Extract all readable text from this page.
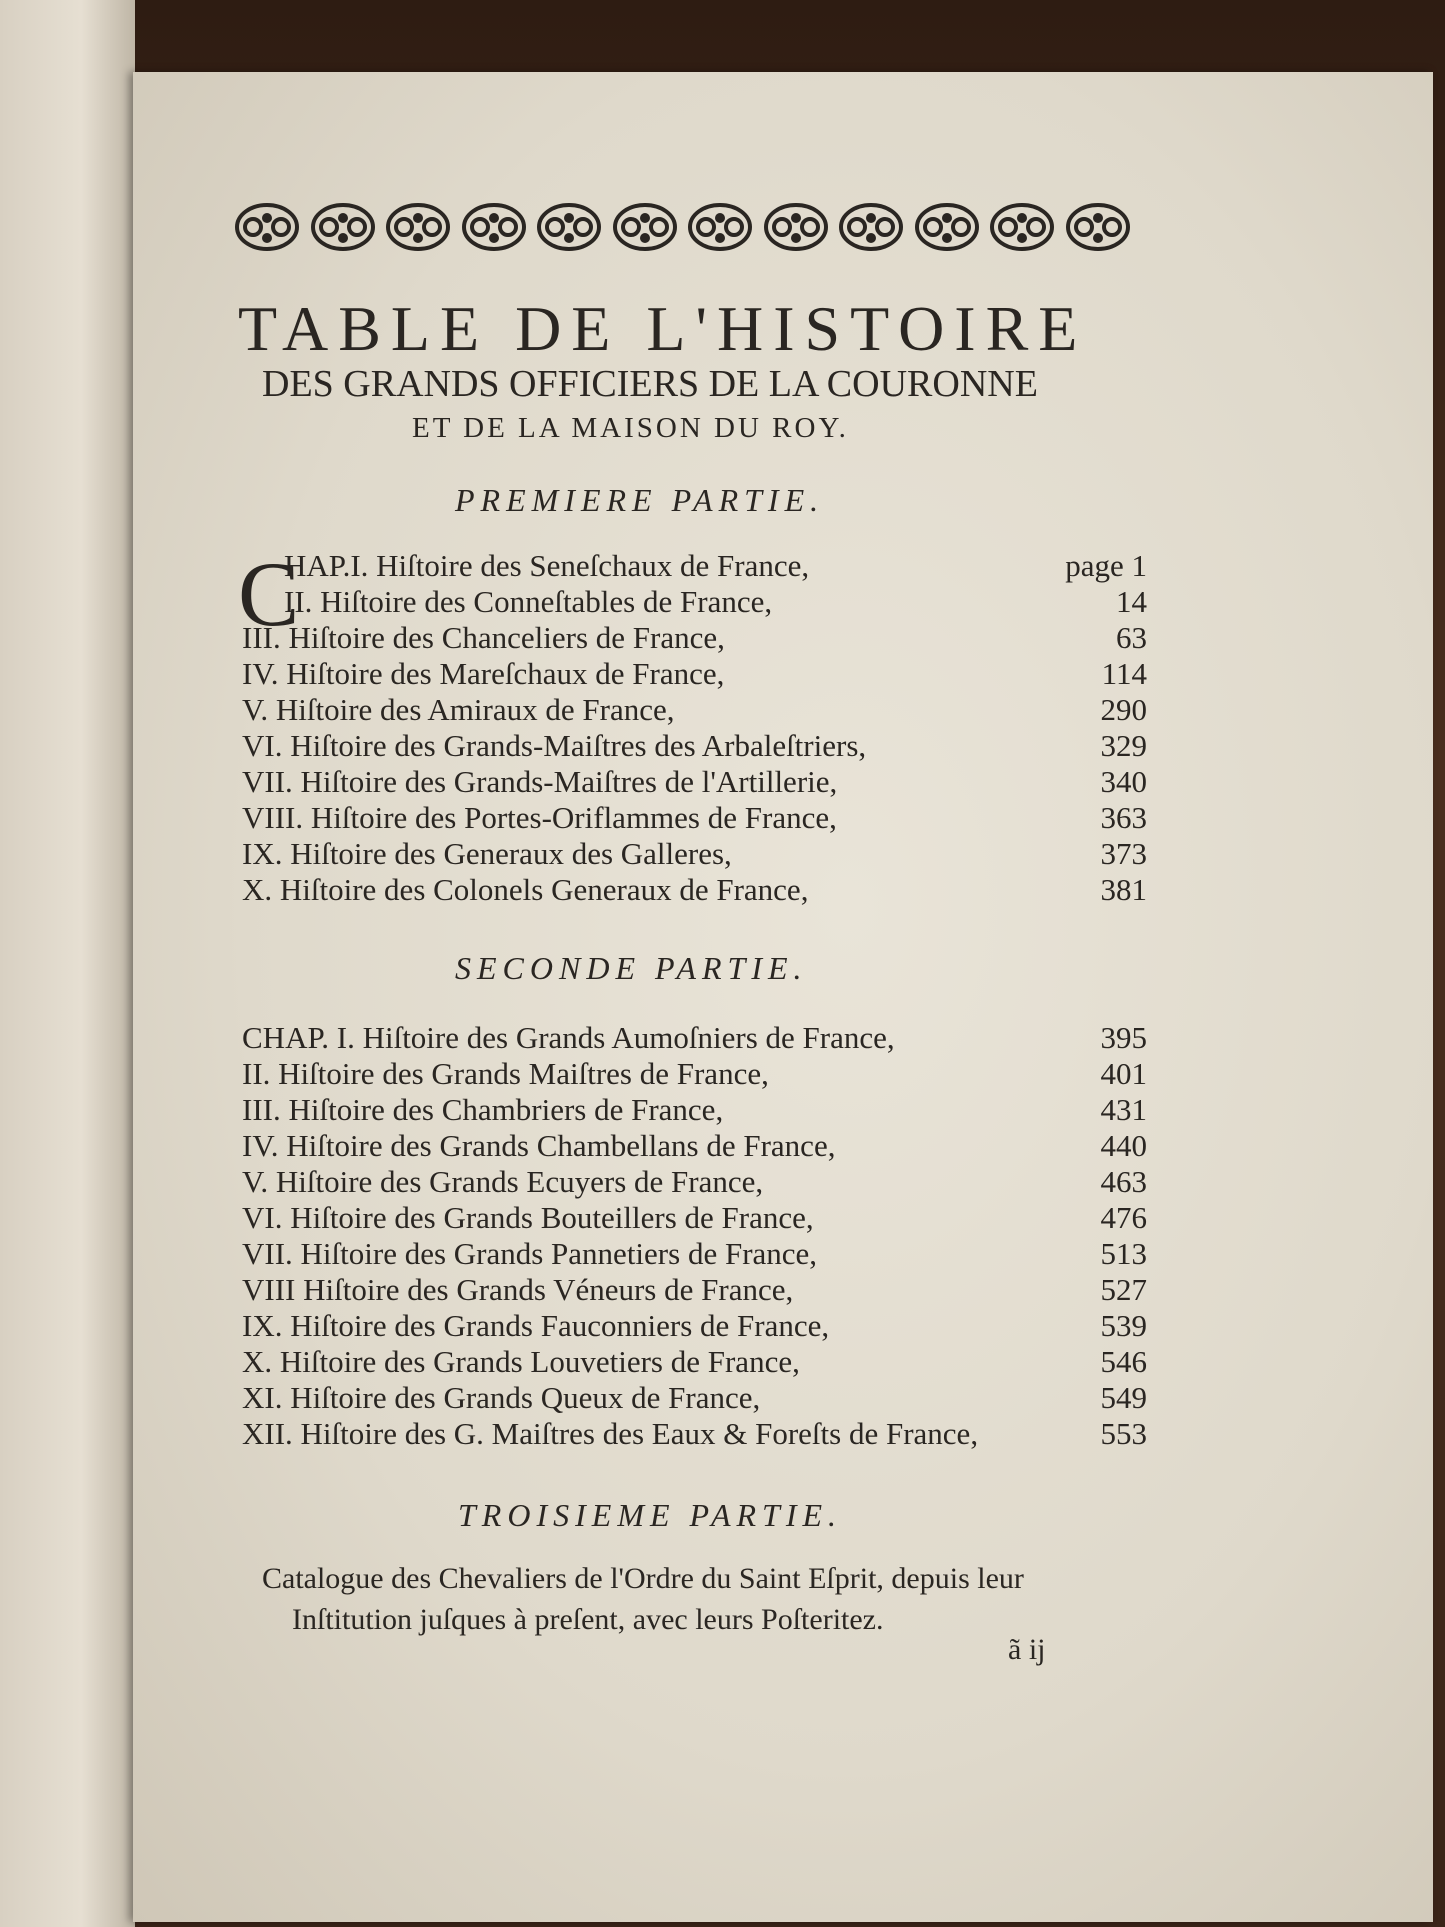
TABLE DE L'HISTOIRE
DES GRANDS OFFICIERS DE LA COURONNE
ET DE LA MAISON DU ROY.
PREMIERE PARTIE.
C
HAP.I. Hiſtoire des Seneſchaux de France,	page 1
II. Hiſtoire des Conneſtables de France,	14
III. Hiſtoire des Chanceliers de France,	63
IV. Hiſtoire des Mareſchaux de France,	114
V. Hiſtoire des Amiraux de France,	290
VI. Hiſtoire des Grands-Maiſtres des Arbaleſtriers,	329
VII. Hiſtoire des Grands-Maiſtres de l'Artillerie,	340
VIII. Hiſtoire des Portes-Oriflammes de France,	363
IX. Hiſtoire des Generaux des Galleres,	373
X. Hiſtoire des Colonels Generaux de France,	381
SECONDE PARTIE.
CHAP. I. Hiſtoire des Grands Aumoſniers de France,	395
II. Hiſtoire des Grands Maiſtres de France,	401
III. Hiſtoire des Chambriers de France,	431
IV. Hiſtoire des Grands Chambellans de France,	440
V. Hiſtoire des Grands Ecuyers de France,	463
VI. Hiſtoire des Grands Bouteillers de France,	476
VII. Hiſtoire des Grands Pannetiers de France,	513
VIII Hiſtoire des Grands Véneurs de France,	527
IX. Hiſtoire des Grands Fauconniers de France,	539
X. Hiſtoire des Grands Louvetiers de France,	546
XI. Hiſtoire des Grands Queux de France,	549
XII. Hiſtoire des G. Maiſtres des Eaux & Foreſts de France,	553
TROISIEME PARTIE.
Catalogue des Chevaliers de l'Ordre du Saint Eſprit, depuis leur
Inſtitution juſques à preſent, avec leurs Poſteritez.
ã ij
